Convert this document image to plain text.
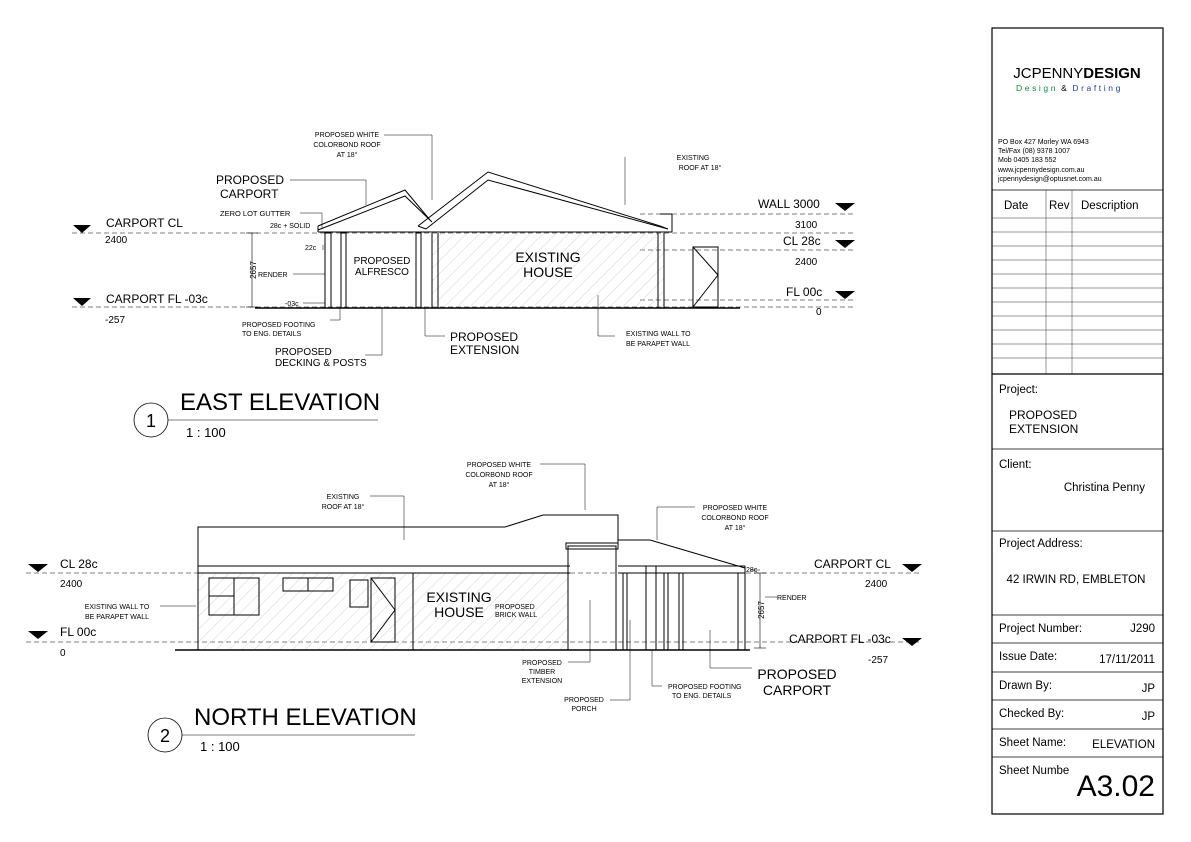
PROPOSED WHITE
COLORBOND ROOF
AT 18°	EXISTING
ROOF AT 18°
ZERO LOT GUTTER
28c + SOLID
22c
RENDER
-03c
2657
PROPOSED FOOTING
TO ENG. DETAILS	EXISTING WALL TO
BE PARAPET WALL
PROPOSED
DECKING & POSTS
PROPOSED
ALFRESCO
2400
-257
3100
2400
0
CARPORT CL
CARPORT FL -03c
WALL 3000
CL 28c
FL 00c
PROPOSED
CARPORT
PROPOSED
EXTENSION
EXISTING
HOUSE
1
EAST ELEVATION
1 : 100
EXISTING
ROOF AT 18°
PROPOSED WHITE
COLORBOND ROOF
AT 18°
PROPOSED WHITE
COLORBOND ROOF
AT 18°
EXISTING WALL TO
BE PARAPET WALL
PROPOSED
BRICK WALL
PROPOSED
TIMBER
EXTENSION
PROPOSED
PORCH
PROPOSED FOOTING
TO ENG. DETAILS
28c
RENDER
2657
2400
0
2400
-257
CL 28c
FL 00c
CARPORT CL
CARPORT FL -03c
EXISTING
HOUSE
PROPOSED
CARPORT
2
NORTH ELEVATION
1 : 100
JCPENNYDESIGN
Design & Drafting
PO Box 427 Morley WA 6943
Tel/Fax (08) 9378 1007
Mob 0405 183 552
www.jcpennydesign.com.au
jcpennydesign@optusnet.com.au
Date Rev Description
Project:
PROPOSED
EXTENSION
Client:
Christina Penny
Project Address:
42 IRWIN RD, EMBLETON
Project Number:	J290
Issue Date:	17/11/2011
Drawn By:	JP
Checked By:	JP
Sheet Name: ELEVATION
Sheet Numbe A3.02
